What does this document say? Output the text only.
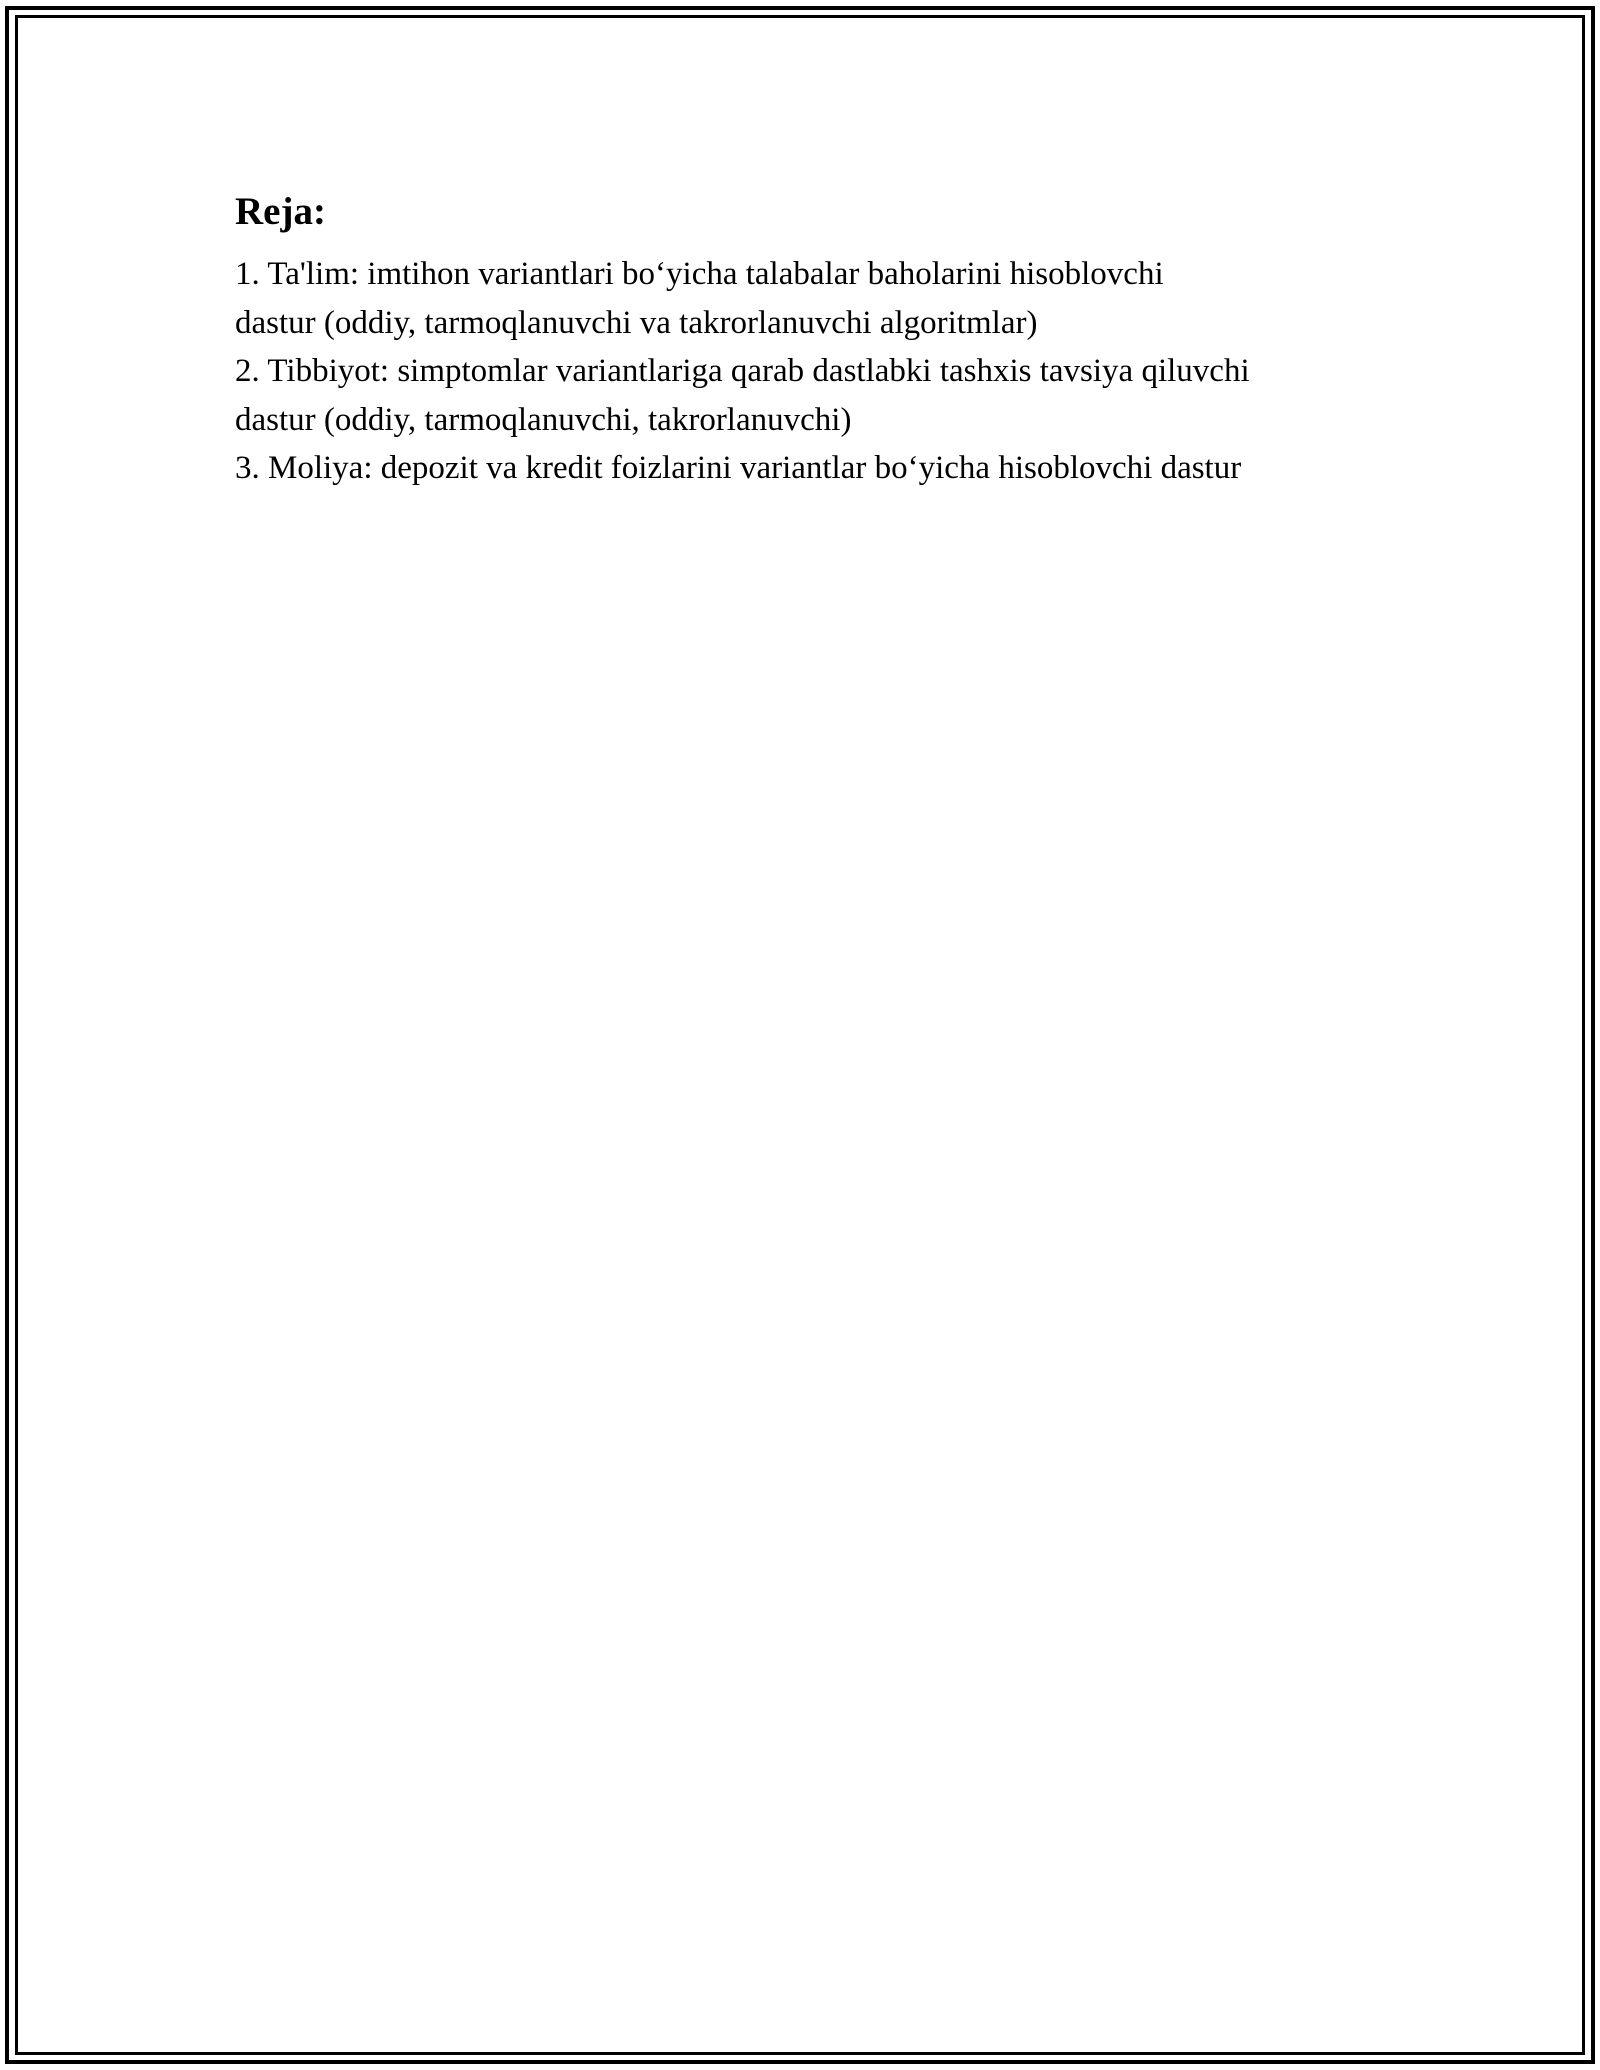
Reja:
1. Ta'lim: imtihon variantlari bo‘yicha talabalar baholarini hisoblovchi
dastur (oddiy, tarmoqlanuvchi va takrorlanuvchi algoritmlar)
2. Tibbiyot: simptomlar variantlariga qarab dastlabki tashxis tavsiya qiluvchi
dastur (oddiy, tarmoqlanuvchi, takrorlanuvchi)
3. Moliya: depozit va kredit foizlarini variantlar bo‘yicha hisoblovchi dastur
